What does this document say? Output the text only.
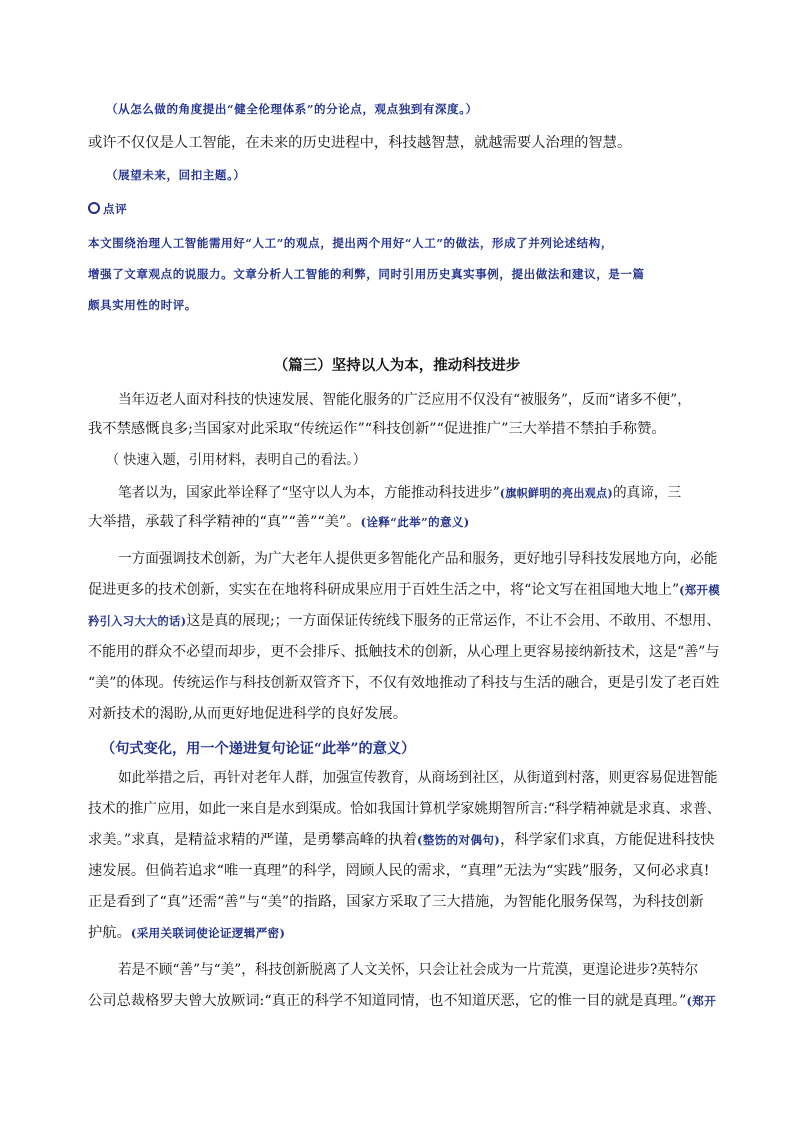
（从怎么做的角度提出“健全伦理体系”的分论点，观点独到有深度。）
或许不仅仅是人工智能，在未来的历史进程中，科技越智慧，就越需要人治理的智慧。
（展望未来，回扣主题。）
点评
本文围绕治理人工智能需用好“人工”的观点，提出两个用好“人工”的做法，形成了并列论述结构，
增强了文章观点的说服力。文章分析人工智能的利弊，同时引用历史真实事例，提出做法和建议，是一篇
颇具实用性的时评。
（篇三）坚持以人为本，推动科技进步
当年迈老人面对科技的快速发展、智能化服务的广泛应用不仅没有“被服务”，反而“诸多不便”，
我不禁感慨良多;当国家对此采取“传统运作”“科技创新”“促进推广”三大举措不禁拍手称赞。
（ 快速入题，引用材料，表明自己的看法。）
笔者以为，国家此举诠释了“坚守以人为本，方能推动科技进步”(旗帜鲜明的亮出观点)的真谛，三
大举措，承载了科学精神的“真”“善”“美”。(诠释“此举”的意义)
一方面强调技术创新，为广大老年人提供更多智能化产品和服务，更好地引导科技发展地方向，必能
促进更多的技术创新，实实在在地将科研成果应用于百姓生活之中，将“论文写在祖国地大地上”(郑开模
矜引入习大大的话)这是真的展现;；一方面保证传统线下服务的正常运作，不让不会用、不敢用、不想用、
不能用的群众不必望而却步，更不会排斥、抵触技术的创新，从心理上更容易接纳新技术，这是“善”与
“美”的体现。传统运作与科技创新双管齐下，不仅有效地推动了科技与生活的融合，更是引发了老百姓
对新技术的渴盼,从而更好地促进科学的良好发展。
（句式变化，用一个递进复句论证“此举”的意义）
如此举措之后，再针对老年人群，加强宣传教育，从商场到社区，从街道到村落，则更容易促进智能
技术的推广应用，如此一来自是水到渠成。恰如我国计算机学家姚期智所言:“科学精神就是求真、求普、
求美。”求真，是精益求精的严谨，是勇攀高峰的执着(整饬的对偶句)，科学家们求真，方能促进科技快
速发展。但倘若追求“唯一真理”的科学，罔顾人民的需求，“真理”无法为“实践”服务，又何必求真!
正是看到了“真”还需“善”与“美”的指路，国家方采取了三大措施，为智能化服务保驾，为科技创新
护航。(采用关联词使论证逻辑严密)
若是不顾“善”与“美”，科技创新脱离了人文关怀，只会让社会成为一片荒漠，更遑论进步?英特尔
公司总裁格罗夫曾大放厥词:“真正的科学不知道同情，也不知道厌恶，它的惟一目的就是真理。”(郑开
